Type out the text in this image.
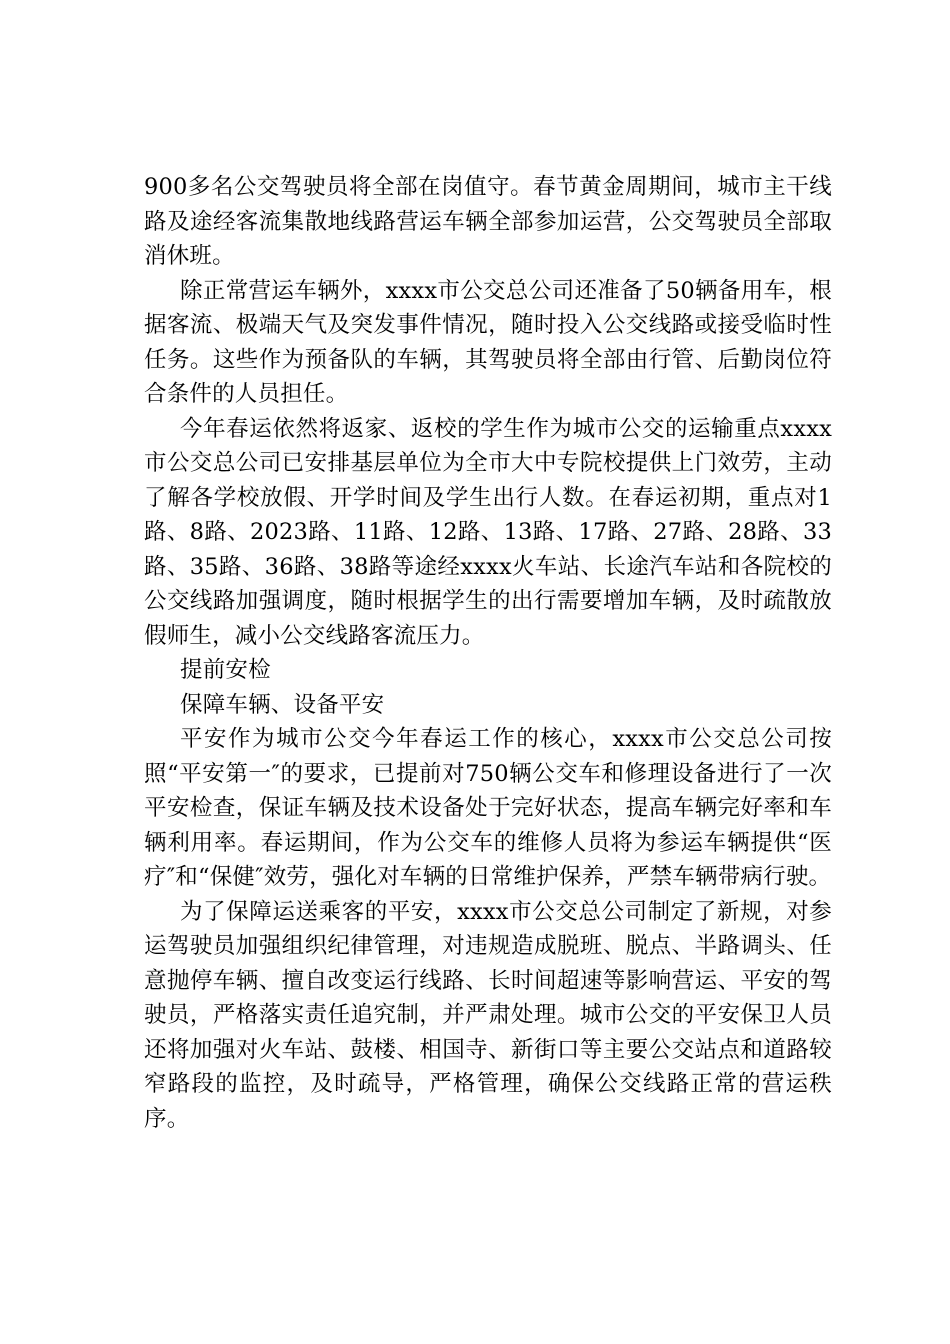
900多名公交驾驶员将全部在岗值守。春节黄金周期间，城市主干线路及途经客流集散地线路营运车辆全部参加运营，公交驾驶员全部取消休班。

除正常营运车辆外，xxxx市公交总公司还准备了50辆备用车，根据客流、极端天气及突发事件情况，随时投入公交线路或接受临时性任务。这些作为预备队的车辆，其驾驶员将全部由行管、后勤岗位符合条件的人员担任。

今年春运依然将返家、返校的学生作为城市公交的运输重点xxxx市公交总公司已安排基层单位为全市大中专院校提供上门效劳，主动了解各学校放假、开学时间及学生出行人数。在春运初期，重点对1路、8路、2023路、11路、12路、13路、17路、27路、28路、33路、35路、36路、38路等途经xxxx火车站、长途汽车站和各院校的公交线路加强调度，随时根据学生的出行需要增加车辆，及时疏散放假师生，减小公交线路客流压力。

提前安检

保障车辆、设备平安

平安作为城市公交今年春运工作的核心，xxxx市公交总公司按照“平安第一″的要求，已提前对750辆公交车和修理设备进行了一次平安检查，保证车辆及技术设备处于完好状态，提高车辆完好率和车辆利用率。春运期间，作为公交车的维修人员将为参运车辆提供“医疗″和“保健″效劳，强化对车辆的日常维护保养，严禁车辆带病行驶。

为了保障运送乘客的平安，xxxx市公交总公司制定了新规，对参运驾驶员加强组织纪律管理，对违规造成脱班、脱点、半路调头、任意抛停车辆、擅自改变运行线路、长时间超速等影响营运、平安的驾驶员，严格落实责任追究制，并严肃处理。城市公交的平安保卫人员还将加强对火车站、鼓楼、相国寺、新街口等主要公交站点和道路较窄路段的监控，及时疏导，严格管理，确保公交线路正常的营运秩序。
